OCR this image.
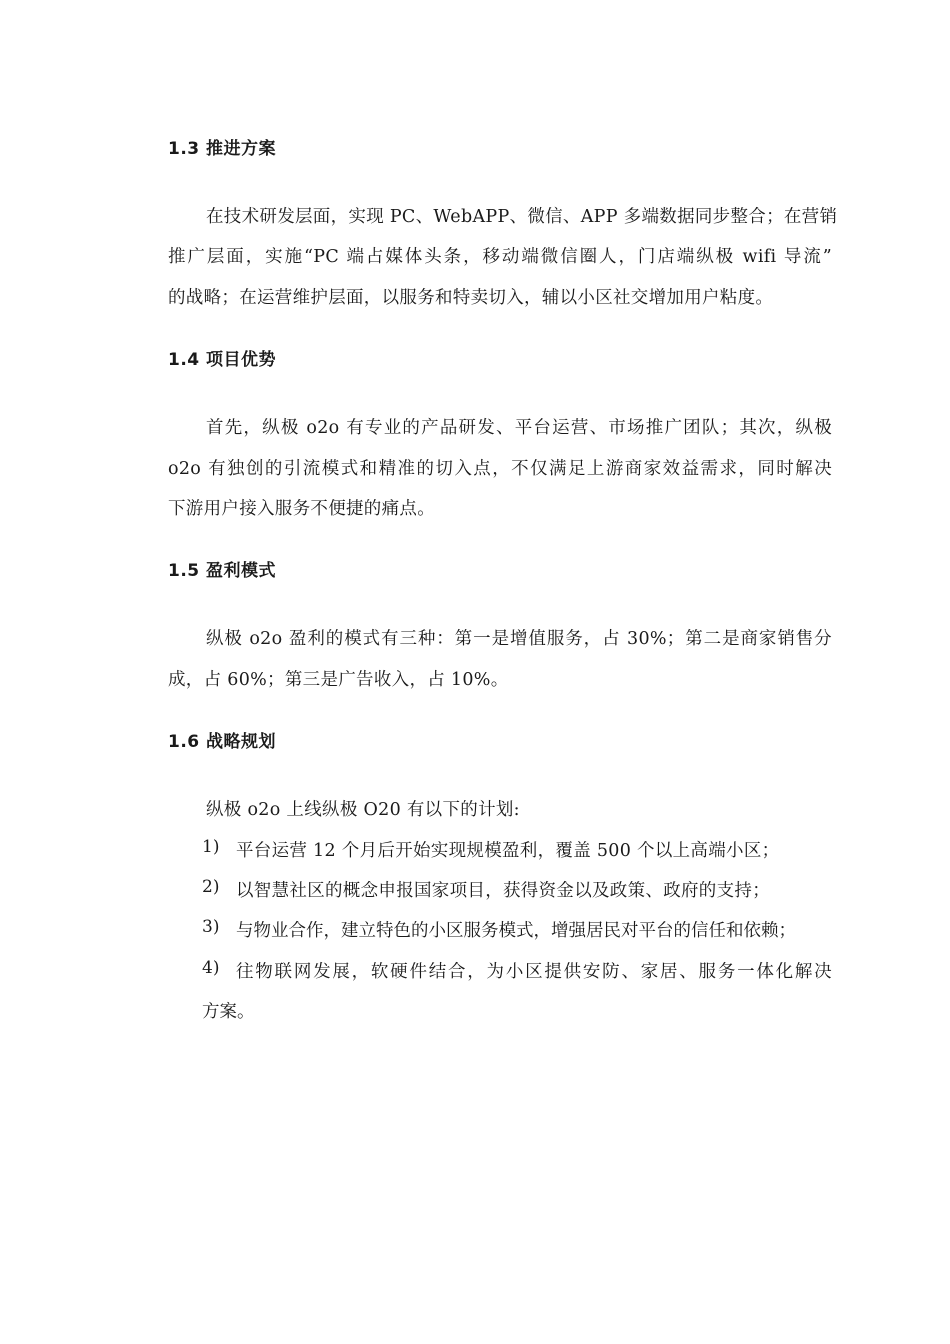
1.3 推进方案
在技术研发层面，实现 PC、WebAPP、微信、APP 多端数据同步整合；在营销
推广层面，实施“PC 端占媒体头条，移动端微信圈人，门店端纵极 wifi 导流”
的战略；在运营维护层面，以服务和特卖切入，辅以小区社交增加用户粘度。
1.4 项目优势
首先，纵极 o2o 有专业的产品研发、平台运营、市场推广团队；其次，纵极
o2o 有独创的引流模式和精准的切入点，不仅满足上游商家效益需求，同时解决
下游用户接入服务不便捷的痛点。
1.5 盈利模式
纵极 o2o 盈利的模式有三种：第一是增值服务，占 30%；第二是商家销售分
成，占 60%；第三是广告收入，占 10%。
1.6 战略规划
纵极 o2o 上线纵极 O20 有以下的计划:
1) 平台运营 12 个月后开始实现规模盈利，覆盖 500 个以上高端小区；
2) 以智慧社区的概念申报国家项目，获得资金以及政策、政府的支持；
3) 与物业合作，建立特色的小区服务模式，增强居民对平台的信任和依赖；
4) 往物联网发展，软硬件结合，为小区提供安防、家居、服务一体化解决
方案。
